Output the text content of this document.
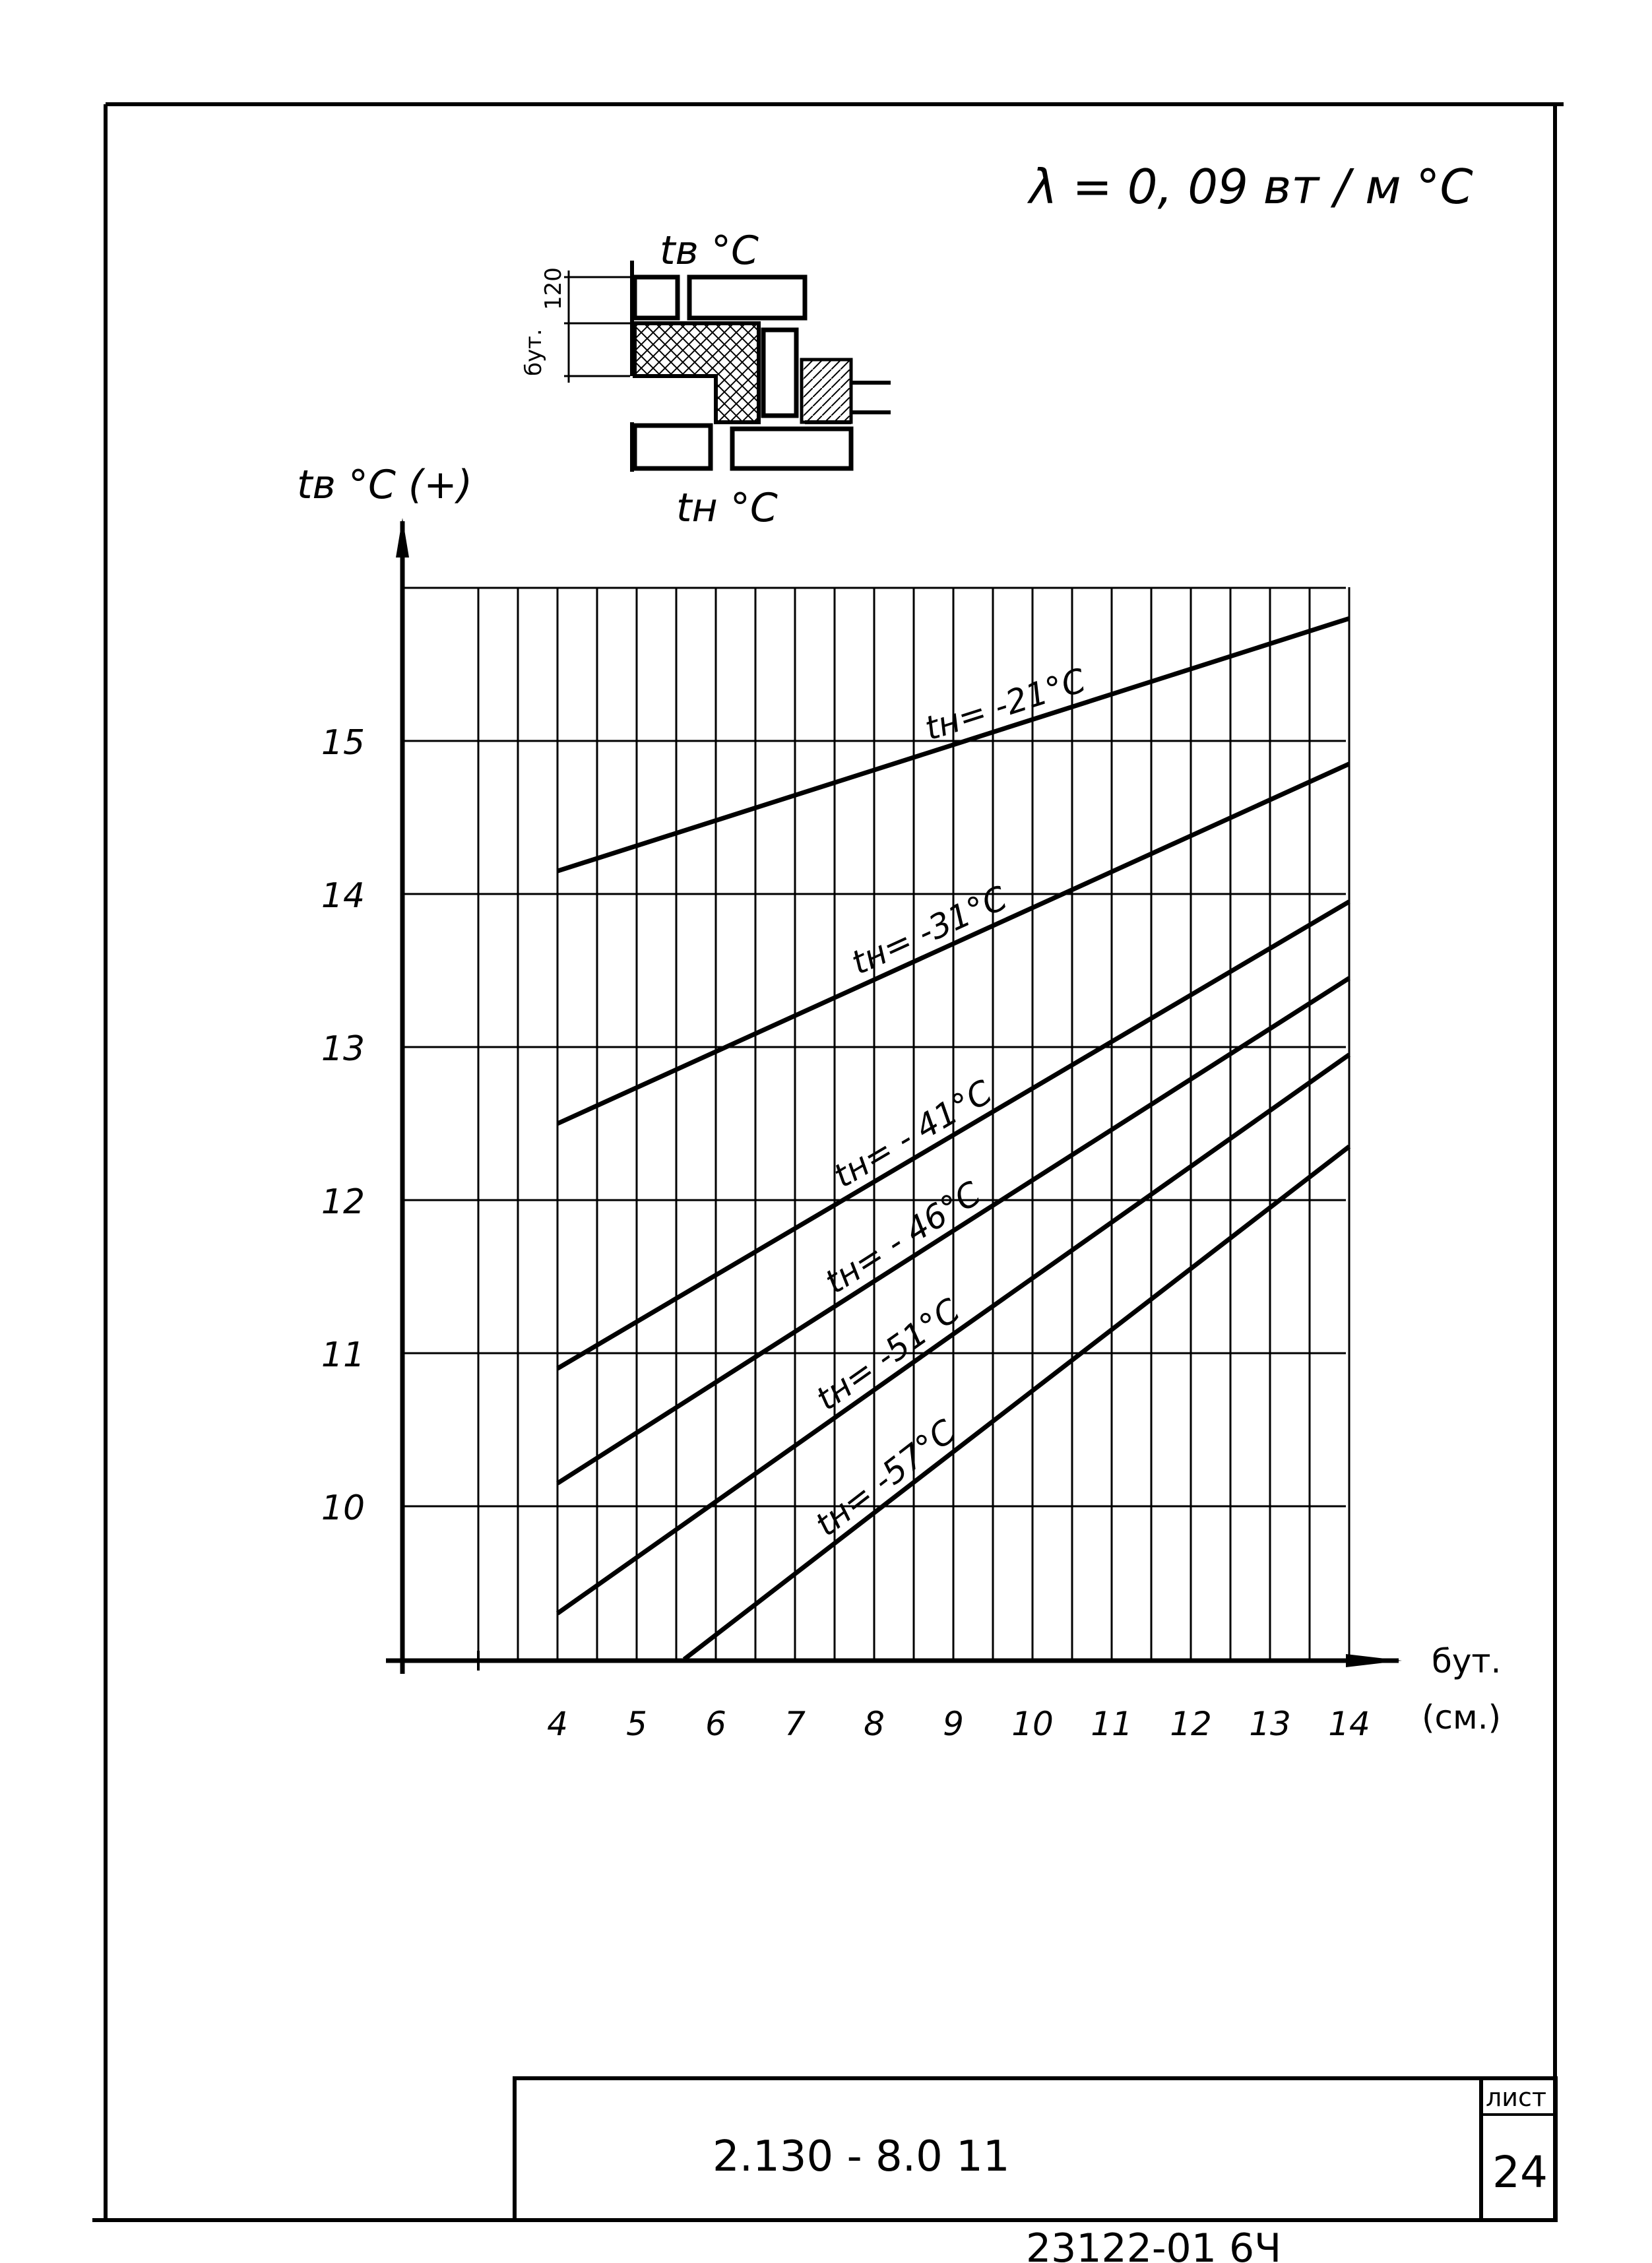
λ = 0, 09 вт / м °С
tв °С
120
бут.
tн °С
tв °С (+)
10
11
12
13
14
15
4 5 6 7 8 9 10 11 12 13 14
tн= -21°С
tн= -31°С
tн= - 41°С
tн= - 46°С
tн= -51°С
tн= -57°С
бут.
(см.)
2.130 - 8.0 11
лист
24
23122-01 6Ч
